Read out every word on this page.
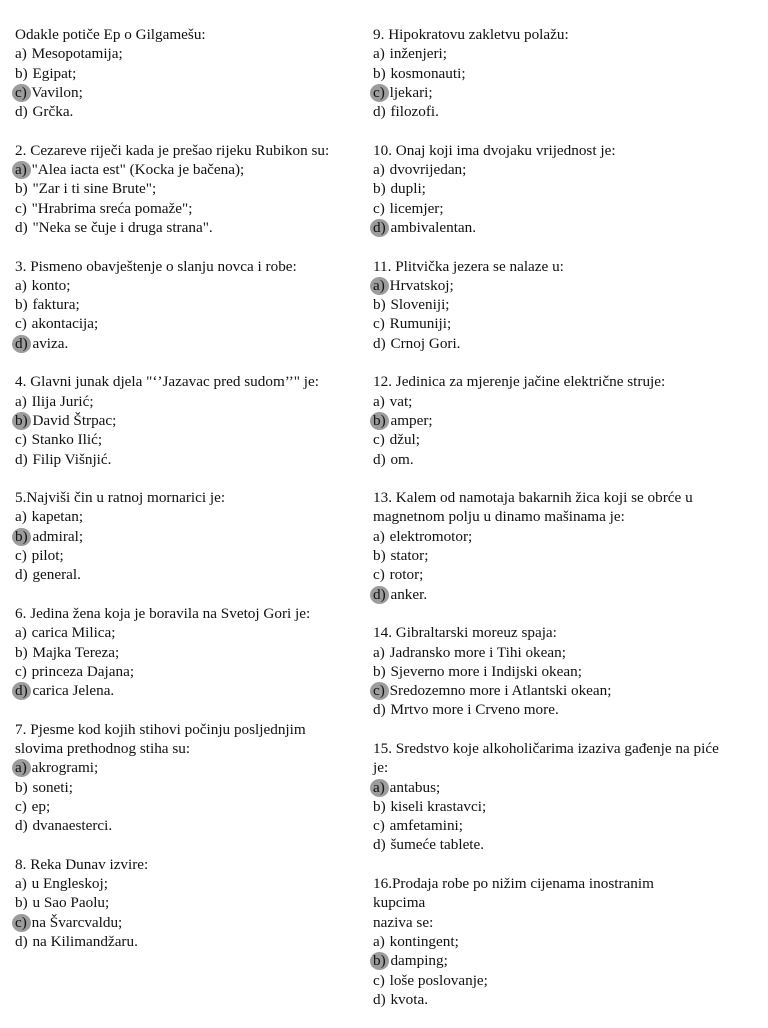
Odakle potiče Ep o Gilgamešu:
a) Mesopotamija;
b) Egipat;
c) Vavilon;
d) Grčka.
2. Cezareve riječi kada je prešao rijeku Rubikon su:
a) "Alea iacta est" (Kocka je bačena);
b) "Zar i ti sine Brute";
c) "Hrabrima sreća pomaže";
d) "Neka se čuje i druga strana".
3. Pismeno obavještenje o slanju novca i robe:
a) konto;
b) faktura;
c) akontacija;
d) aviza.
4. Glavni junak djela "‘’Jazavac pred sudom’’" je:
a) Ilija Jurić;
b) David Štrpac;
c) Stanko Ilić;
d) Filip Višnjić.
5.Najviši čin u ratnoj mornarici je:
a) kapetan;
b) admiral;
c) pilot;
d) general.
6. Jedina žena koja je boravila na Svetoj Gori je:
a) carica Milica;
b) Majka Tereza;
c) princeza Dajana;
d) carica Jelena.
7. Pjesme kod kojih stihovi počinju posljednjim slovima prethodnog stiha su:
a) akrogrami;
b) soneti;
c) ep;
d) dvanaesterci.
8. Reka Dunav izvire:
a) u Engleskoj;
b) u Sao Paolu;
c) na Švarcvaldu;
d) na Kilimandžaru.
9. Hipokratovu zakletvu polažu:
a) inženjeri;
b) kosmonauti;
c) ljekari;
d) filozofi.
10. Onaj koji ima dvojaku vrijednost je:
a) dvovrijedan;
b) dupli;
c) licemjer;
d) ambivalentan.
11. Plitvička jezera se nalaze u:
a) Hrvatskoj;
b) Sloveniji;
c) Rumuniji;
d) Crnoj Gori.
12. Jedinica za mjerenje jačine električne struje:
a) vat;
b) amper;
c) džul;
d) om.
13. Kalem od namotaja bakarnih žica koji se obrće u magnetnom polju u dinamo mašinama je:
a) elektromotor;
b) stator;
c) rotor;
d) anker.
14. Gibraltarski moreuz spaja:
a) Jadransko more i Tihi okean;
b) Sjeverno more i Indijski okean;
c) Sredozemno more i Atlantski okean;
d) Mrtvo more i Crveno more.
15. Sredstvo koje alkoholičarima izaziva gađenje na piće je:
a) antabus;
b) kiseli krastavci;
c) amfetamini;
d) šumeće tablete.
16.Prodaja robe po nižim cijenama inostranim kupcima
naziva se:
a) kontingent;
b) damping;
c) loše poslovanje;
d) kvota.
